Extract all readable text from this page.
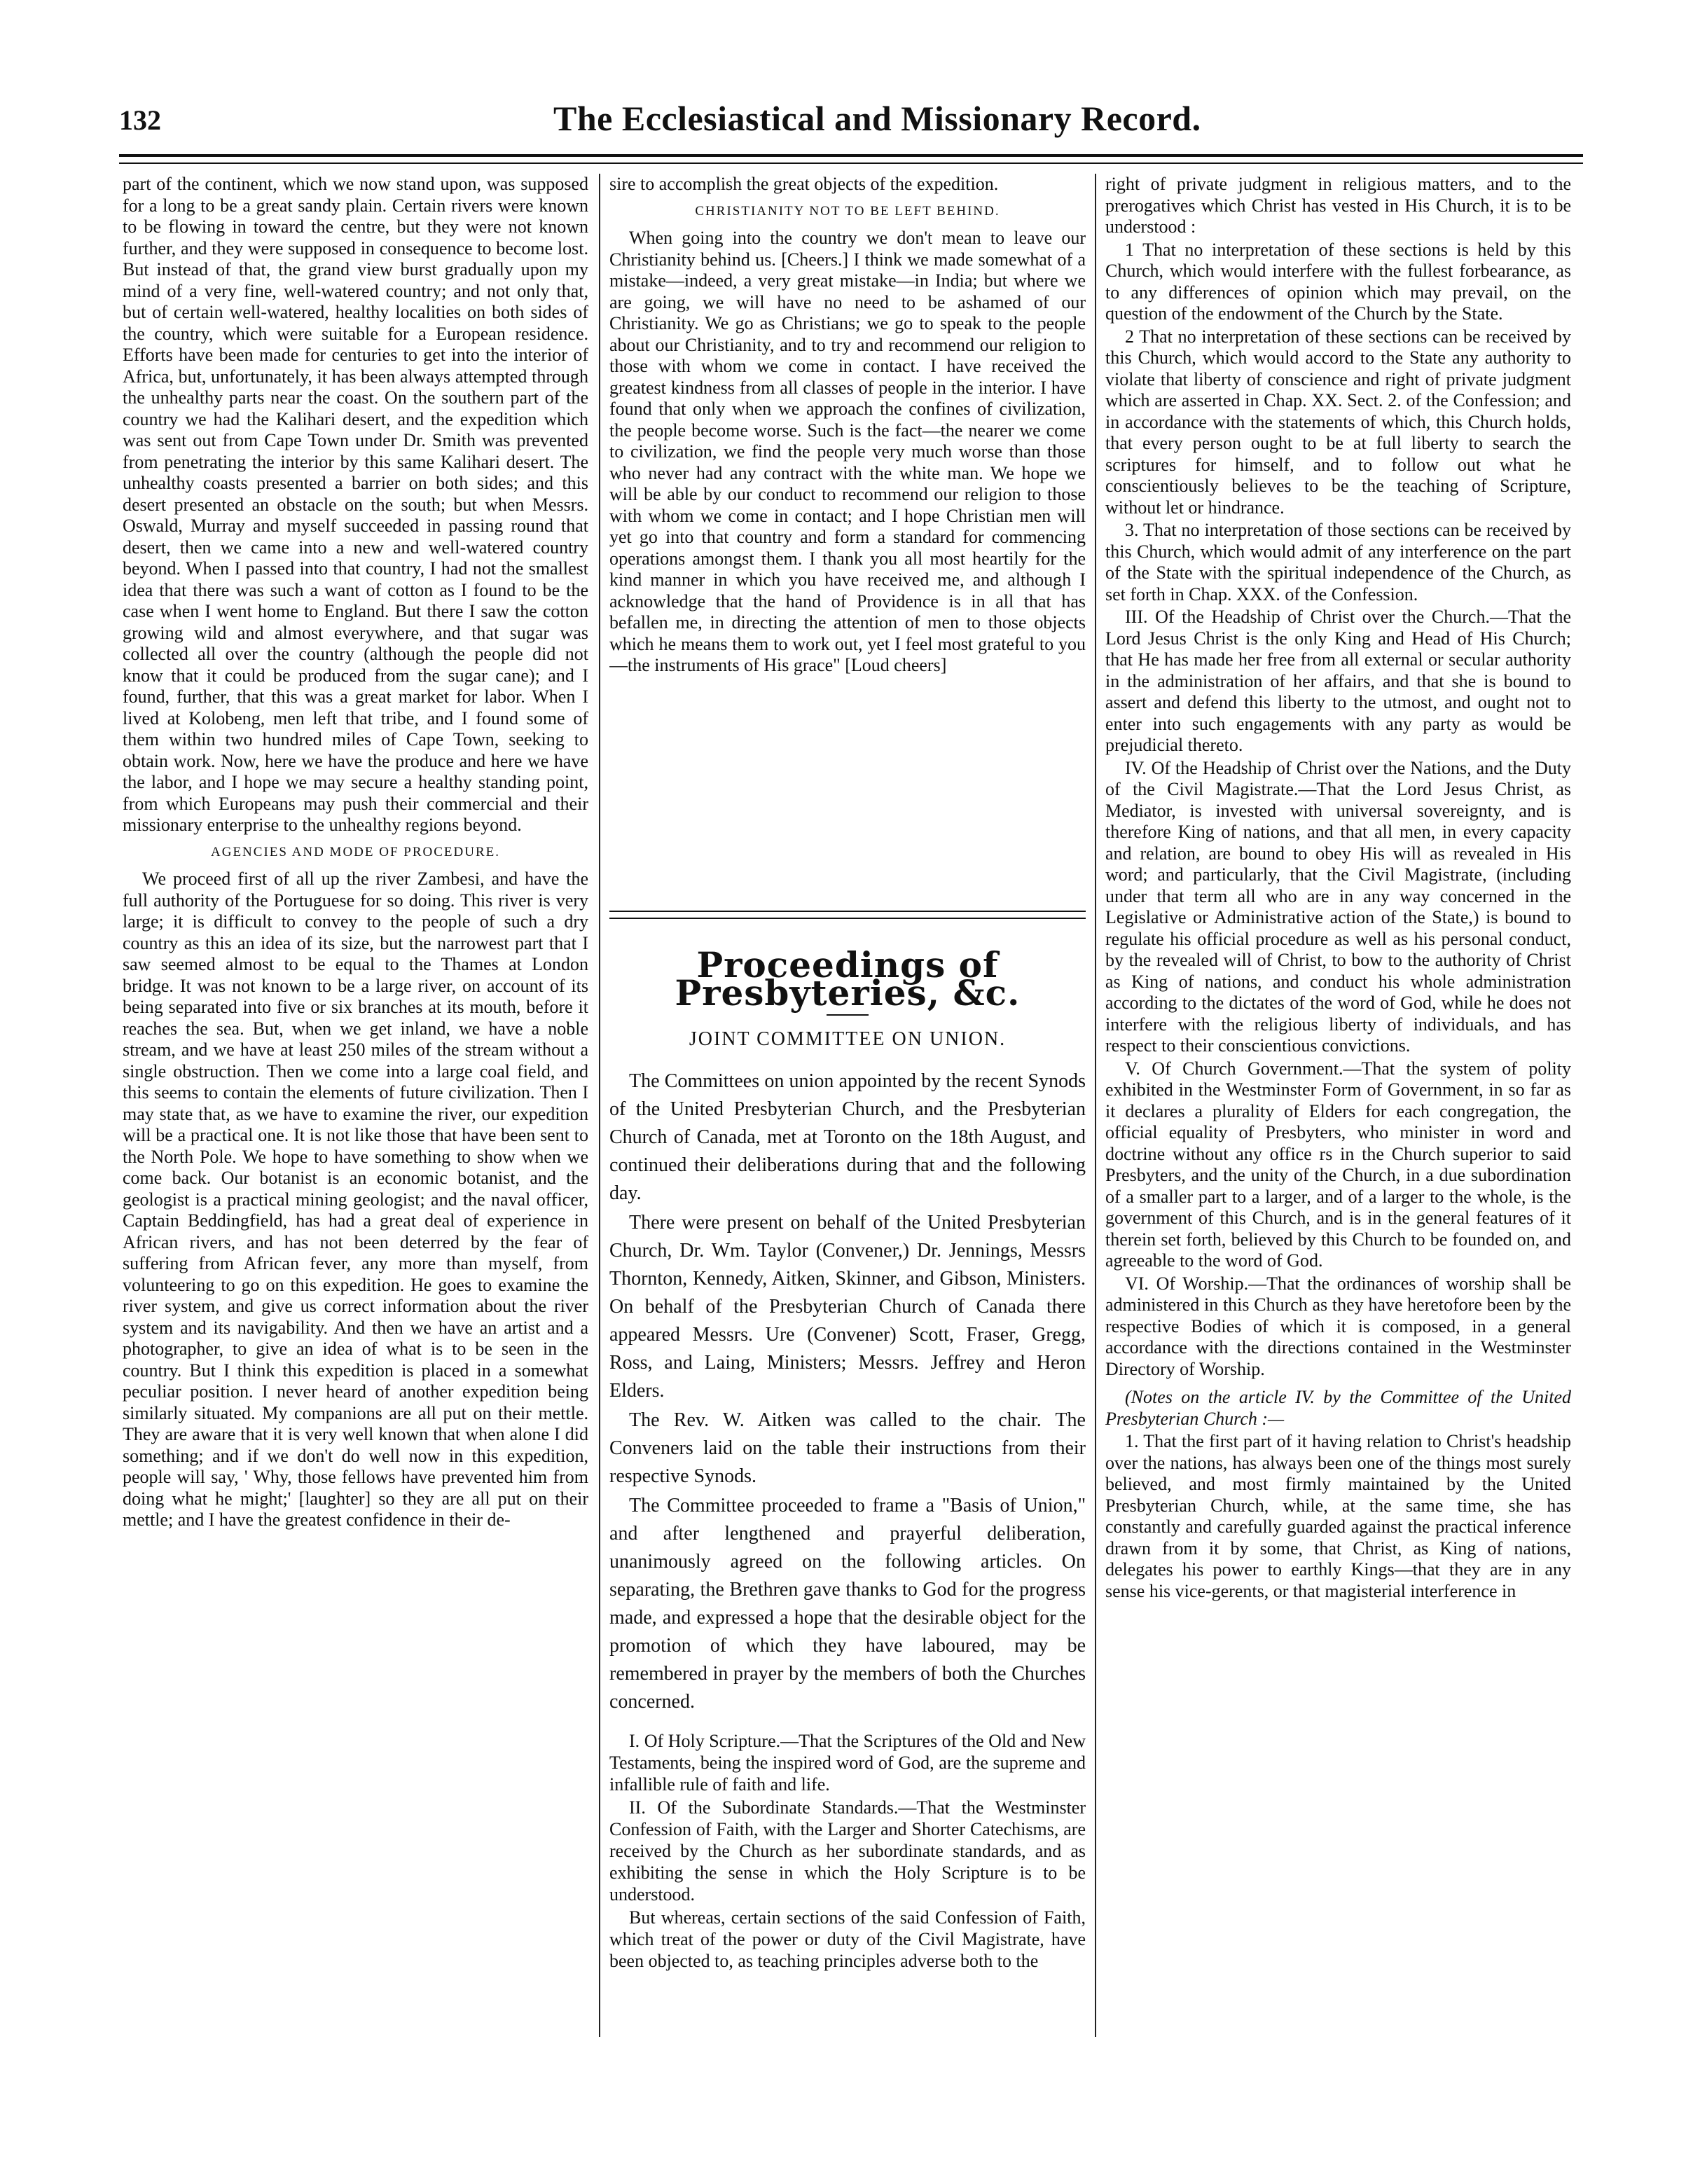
132	The Ecclesiastical and Missionary Record.

part of the continent, which we now stand upon, was supposed for a long to be a great sandy plain. Certain rivers were known to be flowing in toward the centre, but they were not known further, and they were supposed in consequence to become lost. But instead of that, the grand view burst gradually upon my mind of a very fine, well-watered country; and not only that, but of certain well-watered, healthy localities on both sides of the country, which were suitable for a European residence. Efforts have been made for centuries to get into the interior of Africa, but, unfortunately, it has been always attempted through the unhealthy parts near the coast. On the southern part of the country we had the Kalihari desert, and the expedition which was sent out from Cape Town under Dr. Smith was prevented from penetrating the interior by this same Kalihari desert. The unhealthy coasts presented a barrier on both sides; and this desert presented an obstacle on the south; but when Messrs. Oswald, Murray and myself succeeded in passing round that desert, then we came into a new and well-watered country beyond. When I passed into that country, I had not the smallest idea that there was such a want of cotton as I found to be the case when I went home to England. But there I saw the cotton growing wild and almost everywhere, and that sugar was collected all over the country (although the people did not know that it could be produced from the sugar cane); and I found, further, that this was a great market for labor. When I lived at Kolobeng, men left that tribe, and I found some of them within two hundred miles of Cape Town, seeking to obtain work. Now, here we have the produce and here we have the labor, and I hope we may secure a healthy standing point, from which Europeans may push their commercial and their missionary enterprise to the unhealthy regions beyond.

AGENCIES AND MODE OF PROCEDURE.

We proceed first of all up the river Zambesi, and have the full authority of the Portuguese for so doing. This river is very large; it is difficult to convey to the people of such a dry country as this an idea of its size, but the narrowest part that I saw seemed almost to be equal to the Thames at London bridge. It was not known to be a large river, on account of its being separated into five or six branches at its mouth, before it reaches the sea. But, when we get inland, we have a noble stream, and we have at least 250 miles of the stream without a single obstruction. Then we come into a large coal field, and this seems to contain the elements of future civilization. Then I may state that, as we have to examine the river, our expedition will be a practical one. It is not like those that have been sent to the North Pole. We hope to have something to show when we come back. Our botanist is an economic botanist, and the geologist is a practical mining geologist; and the naval officer, Captain Beddingfield, has had a great deal of experience in African rivers, and has not been deterred by the fear of suffering from African fever, any more than myself, from volunteering to go on this expedition. He goes to examine the river system, and give us correct information about the river system and its navigability. And then we have an artist and a photographer, to give an idea of what is to be seen in the country. But I think this expedition is placed in a somewhat peculiar position. I never heard of another expedition being similarly situated. My companions are all put on their mettle. They are aware that it is very well known that when alone I did something; and if we don't do well now in this expedition, people will say, ' Why, those fellows have prevented him from doing what he might;' [laughter] so they are all put on their mettle; and I have the greatest confidence in their de-

sire to accomplish the great objects of the expedition.

CHRISTIANITY NOT TO BE LEFT BEHIND.

When going into the country we don't mean to leave our Christianity behind us. [Cheers.] I think we made somewhat of a mistake—indeed, a very great mistake—in India; but where we are going, we will have no need to be ashamed of our Christianity. We go as Christians; we go to speak to the people about our Christianity, and to try and recommend our religion to those with whom we come in contact. I have received the greatest kindness from all classes of people in the interior. I have found that only when we approach the confines of civilization, the people become worse. Such is the fact—the nearer we come to civilization, we find the people very much worse than those who never had any contract with the white man. We hope we will be able by our conduct to recommend our religion to those with whom we come in contact; and I hope Christian men will yet go into that country and form a standard for commencing operations amongst them. I thank you all most heartily for the kind manner in which you have received me, and although I acknowledge that the hand of Providence is in all that has befallen me, in directing the attention of men to those objects which he means them to work out, yet I feel most grateful to you—the instruments of His grace" [Loud cheers]

Proceedings of Presbyteries, &c.
JOINT COMMITTEE ON UNION.

The Committees on union appointed by the recent Synods of the United Presbyterian Church, and the Presbyterian Church of Canada, met at Toronto on the 18th August, and continued their deliberations during that and the following day.

There were present on behalf of the United Presbyterian Church, Dr. Wm. Taylor (Convener,) Dr. Jennings, Messrs Thornton, Kennedy, Aitken, Skinner, and Gibson, Ministers. On behalf of the Presbyterian Church of Canada there appeared Messrs. Ure (Convener) Scott, Fraser, Gregg, Ross, and Laing, Ministers; Messrs. Jeffrey and Heron Elders.

The Rev. W. Aitken was called to the chair. The Conveners laid on the table their instructions from their respective Synods.

The Committee proceeded to frame a "Basis of Union," and after lengthened and prayerful deliberation, unanimously agreed on the following articles. On separating, the Brethren gave thanks to God for the progress made, and expressed a hope that the desirable object for the promotion of which they have laboured, may be remembered in prayer by the members of both the Churches concerned.

I. Of Holy Scripture.—That the Scriptures of the Old and New Testaments, being the inspired word of God, are the supreme and infallible rule of faith and life.

II. Of the Subordinate Standards.—That the Westminster Confession of Faith, with the Larger and Shorter Catechisms, are received by the Church as her subordinate standards, and as exhibiting the sense in which the Holy Scripture is to be understood.

But whereas, certain sections of the said Confession of Faith, which treat of the power or duty of the Civil Magistrate, have been objected to, as teaching principles adverse both to the

right of private judgment in religious matters, and to the prerogatives which Christ has vested in His Church, it is to be understood :

1 That no interpretation of these sections is held by this Church, which would interfere with the fullest forbearance, as to any differences of opinion which may prevail, on the question of the endowment of the Church by the State.

2 That no interpretation of these sections can be received by this Church, which would accord to the State any authority to violate that liberty of conscience and right of private judgment which are asserted in Chap. XX. Sect. 2. of the Confession; and in accordance with the statements of which, this Church holds, that every person ought to be at full liberty to search the scriptures for himself, and to follow out what he conscientiously believes to be the teaching of Scripture, without let or hindrance.

3. That no interpretation of those sections can be received by this Church, which would admit of any interference on the part of the State with the spiritual independence of the Church, as set forth in Chap. XXX. of the Confession.

III. Of the Headship of Christ over the Church.—That the Lord Jesus Christ is the only King and Head of His Church; that He has made her free from all external or secular authority in the administration of her affairs, and that she is bound to assert and defend this liberty to the utmost, and ought not to enter into such engagements with any party as would be prejudicial thereto.

IV. Of the Headship of Christ over the Nations, and the Duty of the Civil Magistrate.—That the Lord Jesus Christ, as Mediator, is invested with universal sovereignty, and is therefore King of nations, and that all men, in every capacity and relation, are bound to obey His will as revealed in His word; and particularly, that the Civil Magistrate, (including under that term all who are in any way concerned in the Legislative or Administrative action of the State,) is bound to regulate his official procedure as well as his personal conduct, by the revealed will of Christ, to bow to the authority of Christ as King of nations, and conduct his whole administration according to the dictates of the word of God, while he does not interfere with the religious liberty of individuals, and has respect to their conscientious convictions.

V. Of Church Government.—That the system of polity exhibited in the Westminster Form of Government, in so far as it declares a plurality of Elders for each congregation, the official equality of Presbyters, who minister in word and doctrine without any office rs in the Church superior to said Presbyters, and the unity of the Church, in a due subordination of a smaller part to a larger, and of a larger to the whole, is the government of this Church, and is in the general features of it therein set forth, believed by this Church to be founded on, and agreeable to the word of God.

VI. Of Worship.—That the ordinances of worship shall be administered in this Church as they have heretofore been by the respective Bodies of which it is composed, in a general accordance with the directions contained in the Westminster Directory of Worship.

(Notes on the article IV. by the Committee of the United Presbyterian Church :—

1. That the first part of it having relation to Christ's headship over the nations, has always been one of the things most surely believed, and most firmly maintained by the United Presbyterian Church, while, at the same time, she has constantly and carefully guarded against the practical inference drawn from it by some, that Christ, as King of nations, delegates his power to earthly Kings—that they are in any sense his vice-gerents, or that magisterial interference in
